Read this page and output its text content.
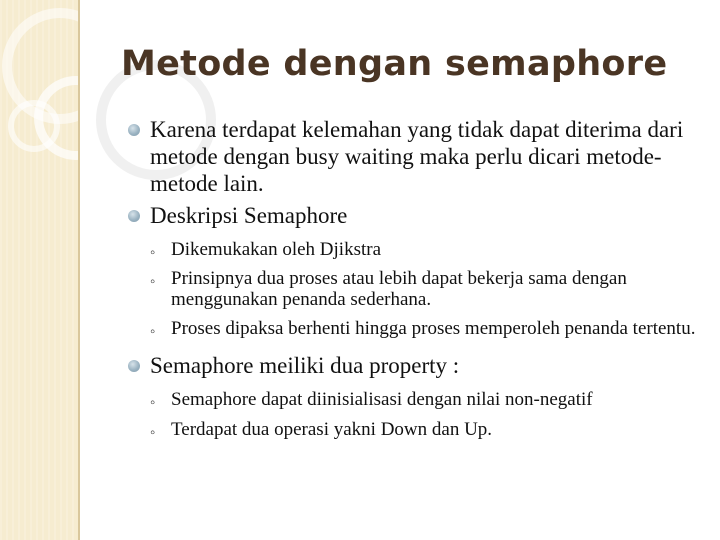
Metode dengan semaphore

Karena terdapat kelemahan yang tidak dapat diterima dari metode dengan busy waiting maka perlu dicari metode-metode lain.

Deskripsi Semaphore

◦ Dikemukakan oleh Djikstra
◦ Prinsipnya dua proses atau lebih dapat bekerja sama dengan menggunakan penanda sederhana.
◦ Proses dipaksa berhenti hingga proses memperoleh penanda tertentu.

Semaphore meiliki dua property :

◦ Semaphore dapat diinisialisasi dengan nilai non-negatif
◦ Terdapat dua operasi yakni Down dan Up.
